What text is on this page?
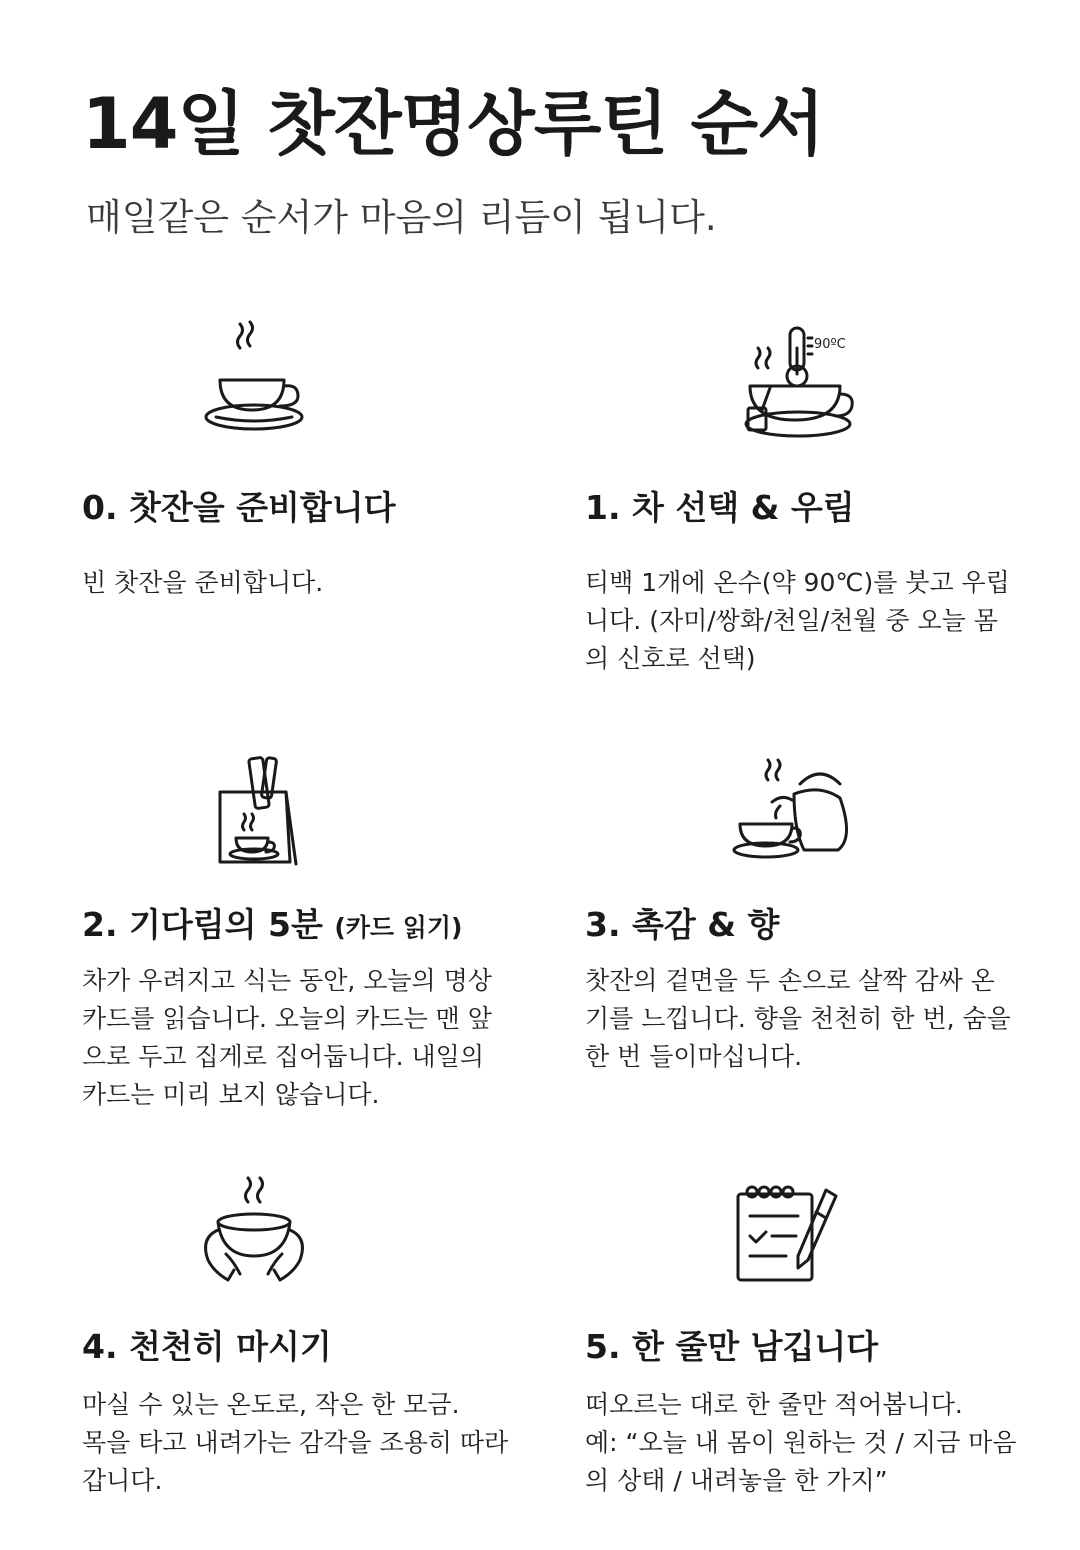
14일 찻잔명상루틴 순서
매일같은 순서가 마음의 리듬이 됩니다.
0. 찻잔을 준비합니다

빈 찻잔을 준비합니다.

90ºC
1. 차 선택 & 우림

티백 1개에 온수(약 90℃)를 붓고 우립
니다. (자미/쌍화/천일/천월 중 오늘 몸
의 신호로 선택)

2. 기다림의 5분 (카드 읽기)

차가 우려지고 식는 동안, 오늘의 명상
카드를 읽습니다. 오늘의 카드는 맨 앞
으로 두고 집게로 집어둡니다. 내일의
카드는 미리 보지 않습니다.

3. 촉감 & 향

찻잔의 겉면을 두 손으로 살짝 감싸 온
기를 느낍니다. 향을 천천히 한 번, 숨을
한 번 들이마십니다.

4. 천천히 마시기

마실 수 있는 온도로, 작은 한 모금.
목을 타고 내려가는 감각을 조용히 따라
갑니다.

5. 한 줄만 남깁니다

떠오르는 대로 한 줄만 적어봅니다.
예: “오늘 내 몸이 원하는 것 / 지금 마음
의 상태 / 내려놓을 한 가지”
